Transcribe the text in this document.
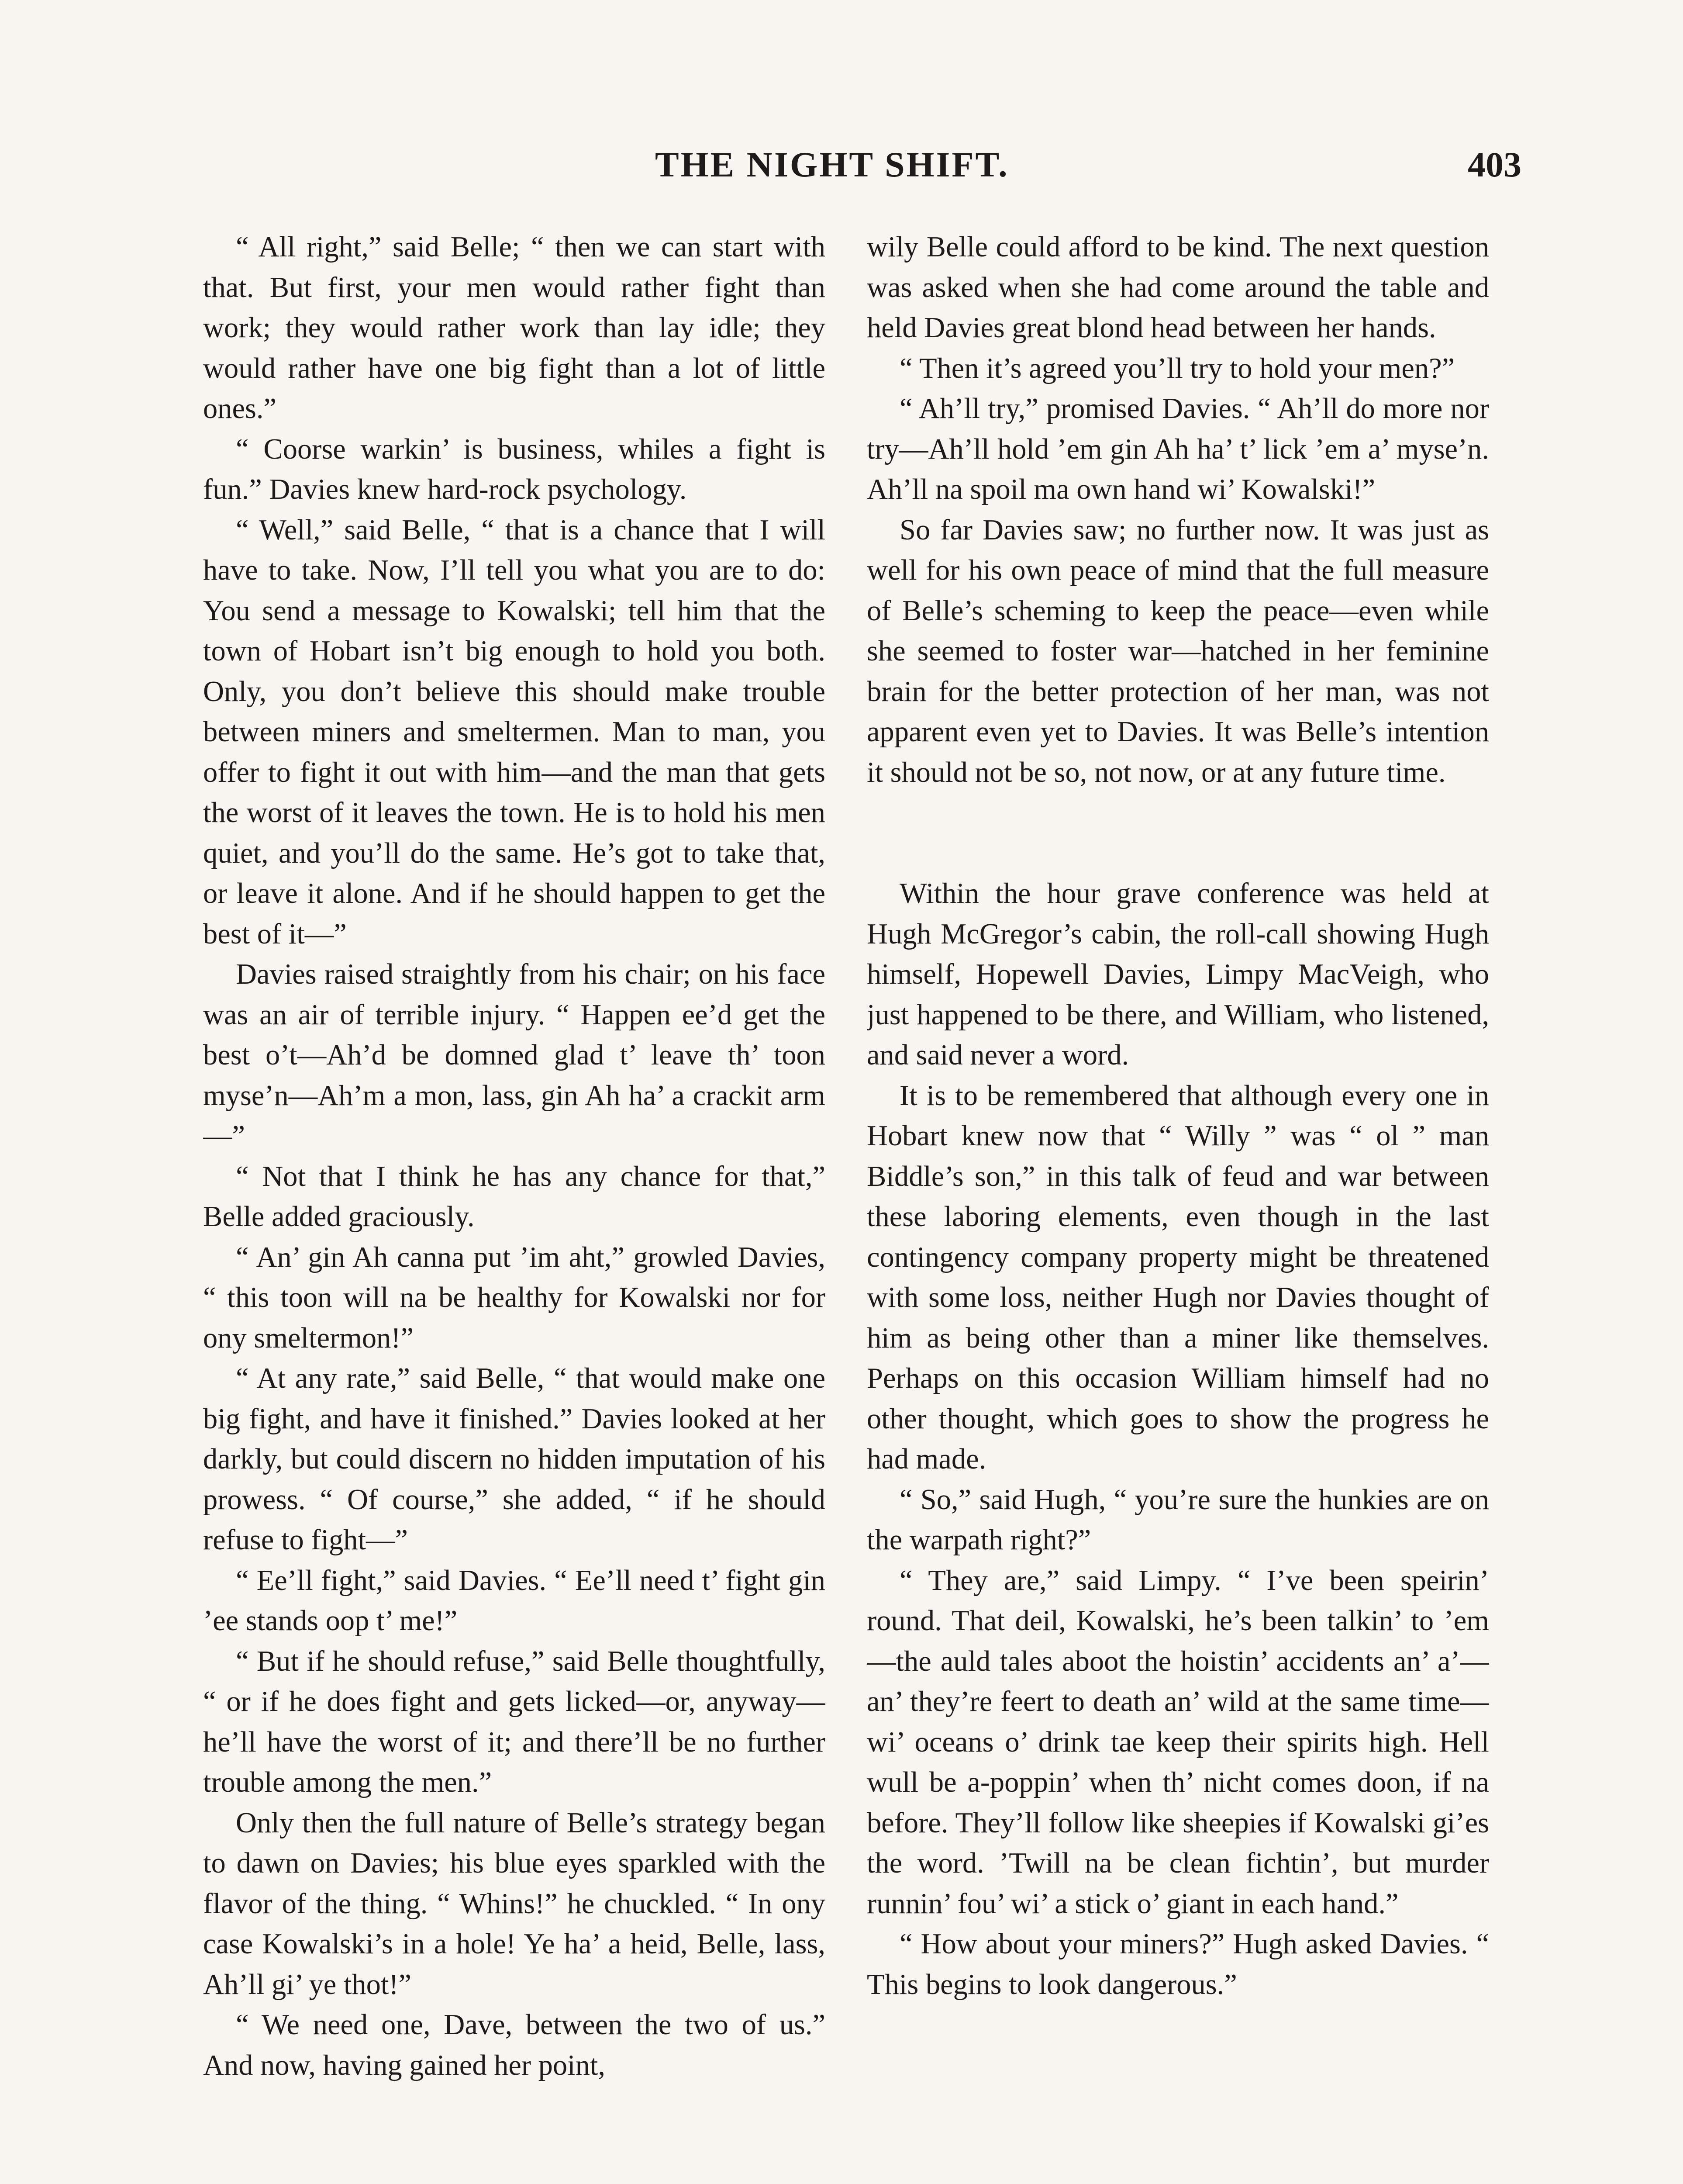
THE NIGHT SHIFT.	403

“ All right,” said Belle; “ then we can start with that. But first, your men would rather fight than work; they would rather work than lay idle; they would rather have one big fight than a lot of little ones.”

“ Coorse warkin’ is business, whiles a fight is fun.” Davies knew hard-rock psychology.

“ Well,” said Belle, “ that is a chance that I will have to take. Now, I’ll tell you what you are to do: You send a message to Kowalski; tell him that the town of Hobart isn’t big enough to hold you both. Only, you don’t believe this should make trouble between miners and smeltermen. Man to man, you offer to fight it out with him—and the man that gets the worst of it leaves the town. He is to hold his men quiet, and you’ll do the same. He’s got to take that, or leave it alone. And if he should happen to get the best of it—”

Davies raised straightly from his chair; on his face was an air of terrible injury. “ Happen ee’d get the best o’t—Ah’d be domned glad t’ leave th’ toon myse’n—Ah’m a mon, lass, gin Ah ha’ a crackit arm—”

“ Not that I think he has any chance for that,” Belle added graciously.

“ An’ gin Ah canna put ’im aht,” growled Davies, “ this toon will na be healthy for Kowalski nor for ony smeltermon!”

“ At any rate,” said Belle, “ that would make one big fight, and have it finished.” Davies looked at her darkly, but could discern no hidden imputation of his prowess. “ Of course,” she added, “ if he should refuse to fight—”

“ Ee’ll fight,” said Davies. “ Ee’ll need t’ fight gin ’ee stands oop t’ me!”

“ But if he should refuse,” said Belle thoughtfully, “ or if he does fight and gets licked—or, anyway—he’ll have the worst of it; and there’ll be no further trouble among the men.”

Only then the full nature of Belle’s strategy began to dawn on Davies; his blue eyes sparkled with the flavor of the thing. “ Whins!” he chuckled. “ In ony case Kowalski’s in a hole! Ye ha’ a heid, Belle, lass, Ah’ll gi’ ye thot!”

“ We need one, Dave, between the two of us.” And now, having gained her point,

wily Belle could afford to be kind. The next question was asked when she had come around the table and held Davies great blond head between her hands.

“ Then it’s agreed you’ll try to hold your men?”

“ Ah’ll try,” promised Davies. “ Ah’ll do more nor try—Ah’ll hold ’em gin Ah ha’ t’ lick ’em a’ myse’n. Ah’ll na spoil ma own hand wi’ Kowalski!”

So far Davies saw; no further now. It was just as well for his own peace of mind that the full measure of Belle’s scheming to keep the peace—even while she seemed to foster war—hatched in her feminine brain for the better protection of her man, was not apparent even yet to Davies. It was Belle’s intention it should not be so, not now, or at any future time.

Within the hour grave conference was held at Hugh McGregor’s cabin, the roll-call showing Hugh himself, Hopewell Davies, Limpy MacVeigh, who just happened to be there, and William, who listened, and said never a word.

It is to be remembered that although every one in Hobart knew now that “ Willy ” was “ ol ” man Biddle’s son,” in this talk of feud and war between these laboring elements, even though in the last contingency company property might be threatened with some loss, neither Hugh nor Davies thought of him as being other than a miner like themselves. Perhaps on this occasion William himself had no other thought, which goes to show the progress he had made.

“ So,” said Hugh, “ you’re sure the hunkies are on the warpath right?”

“ They are,” said Limpy. “ I’ve been speirin’ round. That deil, Kowalski, he’s been talkin’ to ’em—the auld tales aboot the hoistin’ accidents an’ a’—an’ they’re feert to death an’ wild at the same time—wi’ oceans o’ drink tae keep their spirits high. Hell wull be a-poppin’ when th’ nicht comes doon, if na before. They’ll follow like sheepies if Kowalski gi’es the word. ’Twill na be clean fichtin’, but murder runnin’ fou’ wi’ a stick o’ giant in each hand.”

“ How about your miners?” Hugh asked Davies. “ This begins to look dangerous.”
